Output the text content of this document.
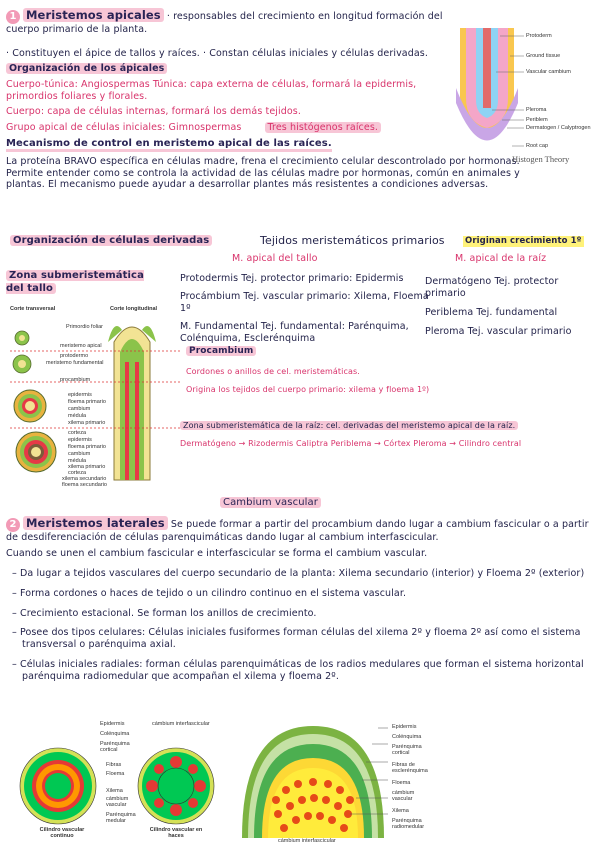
1 Meristemos apicales · responsables del crecimiento en longitud formación del cuerpo primario de la planta.
· Constituyen el ápice de tallos y raíces. · Constan células iniciales y células derivadas.
Organización de los ápicales
Cuerpo-túnica: Angiospermas Túnica: capa externa de células, formará la epidermis, primordios foliares y florales.
Cuerpo: capa de células internas, formará los demás tejidos.
Grupo apical de células iniciales: Gimnospermas	Tres histógenos raíces.
Mecanismo de control en meristemo apical de las raíces.
La proteína BRAVO específica en células madre, frena el crecimiento celular descontrolado por hormonas. Permite entender como se controla la actividad de las células madre por hormonas, común en animales y plantas. El mecanismo puede ayudar a desarrollar plantes más resistentes a condiciones adversas.
Protoderm
Ground tissue
Vascular cambium
Pleroma
Periblem
Dermatogen / Calyptrogen
Root cap
Histogen Theory
Organización de células derivadas	Tejidos meristemáticos primarios Originan crecimiento 1º
M. apical del tallo	M. apical de la raíz
Zona submeristemática del tallo
Protodermis Tej. protector primario: Epidermis
Procámbium Tej. vascular primario: Xilema, Floema 1º
M. Fundamental Tej. fundamental: Parénquima, Colénquima, Esclerénquima
Dermatógeno Tej. protector primario
Periblema Tej. fundamental
Pleroma Tej. vascular primario
Procambium
Cordones o anillos de cel. meristemáticas.
Origina los tejidos del cuerpo primario: xilema y floema 1º)
Zona submeristemática de la raíz: cel. derivadas del meristemo apical de la raíz.
Dermatógeno → Rizodermis Caliptra Periblema → Córtex Pleroma → Cilindro central
Corte transversal	Corte longitudinal
Primordio foliar
meristemo apical
protodermo
meristemo fundamental
procambium
epidermis
floema primario
cambium
médula
xilema primario
corteza
epidermis
floema primario
cambium
médula
xilema primario
corteza
xilema secundario
floema secundario
Cambium vascular
2 Meristemos laterales Se puede formar a partir del procambium dando lugar a cambium fascicular o a partir de desdiferenciación de células parenquimáticas dando lugar al cambium interfascicular.
Cuando se unen el cambium fascicular e interfascicular se forma el cambium vascular.
– Da lugar a tejidos vasculares del cuerpo secundario de la planta: Xilema secundario (interior) y Floema 2º (exterior)
– Forma cordones o haces de tejido o un cilindro continuo en el sistema vascular.
– Crecimiento estacional. Se forman los anillos de crecimiento.
– Posee dos tipos celulares: Células iniciales fusiformes forman células del xilema 2º y floema 2º así como el sistema transversal o parénquima axial.
– Células iniciales radiales: forman células parenquimáticas de los radios medulares que forman el sistema horizontal parénquima radiomedular que acompañan el xilema y floema 2º.
Epidermis
Colénquima
Parénquima cortical
Fibras
Floema
cámbium interfascicular
Xilema
cámbium vascular
Parénquima medular
Cilindro vascular continuo
Cilindro vascular en haces
Epidermis
Colénquima
Parénquima cortical
Fibras de esclerénquima
Floema
cámbium vascular
Xilema
Parénquima radiomedular
cámbium interfascicular
